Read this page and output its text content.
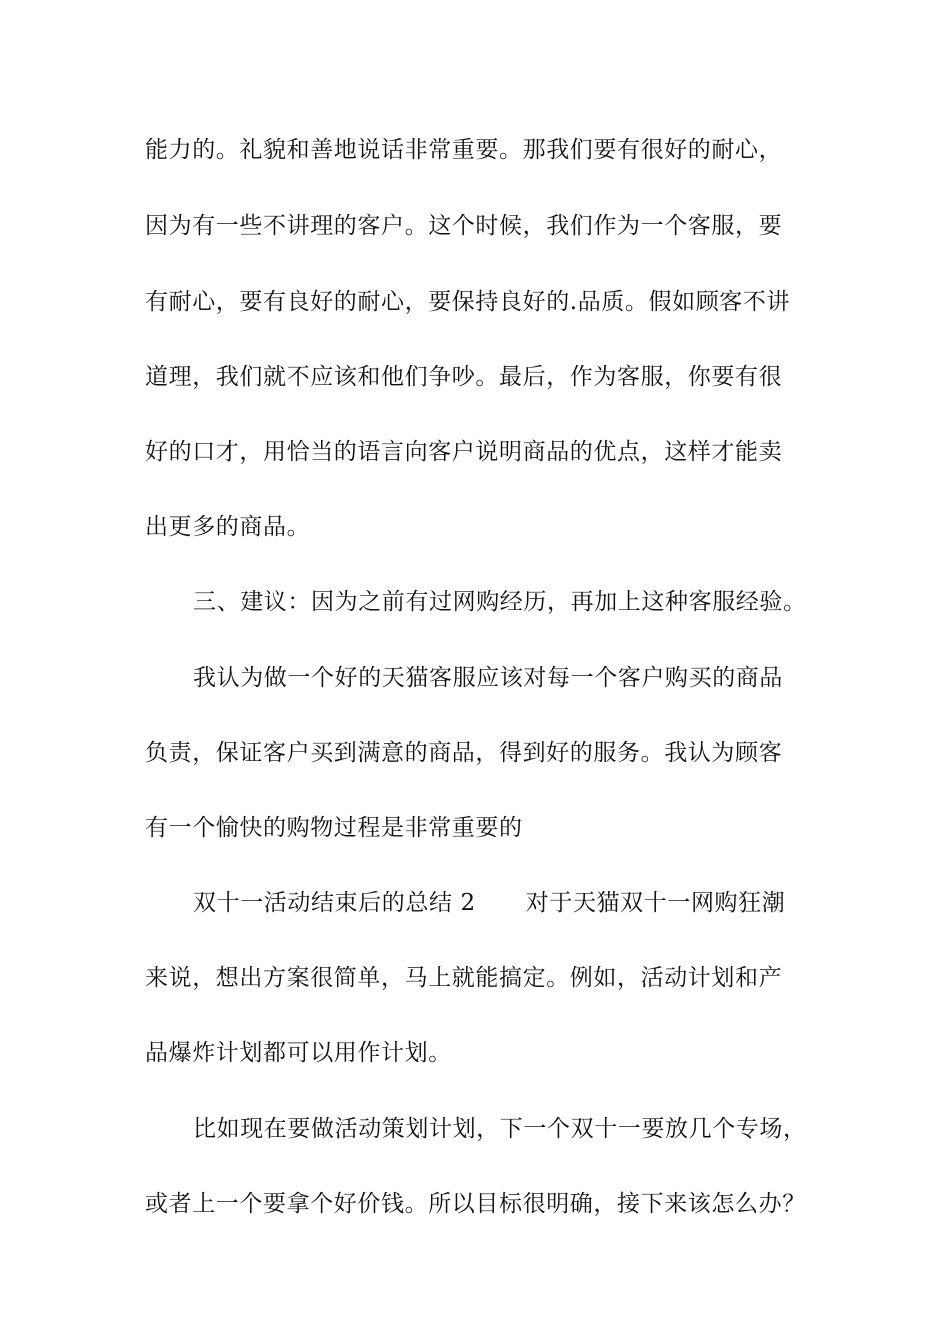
能力的。礼貌和善地说话非常重要。那我们要有很好的耐心，
因为有一些不讲理的客户。这个时候，我们作为一个客服，要
有耐心，要有良好的耐心，要保持良好的.品质。假如顾客不讲
道理，我们就不应该和他们争吵。最后，作为客服，你要有很
好的口才，用恰当的语言向客户说明商品的优点，这样才能卖
出更多的商品。
三、建议：因为之前有过网购经历，再加上这种客服经验。
我认为做一个好的天猫客服应该对每一个客户购买的商品
负责，保证客户买到满意的商品，得到好的服务。我认为顾客
有一个愉快的购物过程是非常重要的
双十一活动结束后的总结 2 对于天猫双十一网购狂潮
来说，想出方案很简单，马上就能搞定。例如，活动计划和产
品爆炸计划都可以用作计划。
比如现在要做活动策划计划，下一个双十一要放几个专场，
或者上一个要拿个好价钱。所以目标很明确，接下来该怎么办？
